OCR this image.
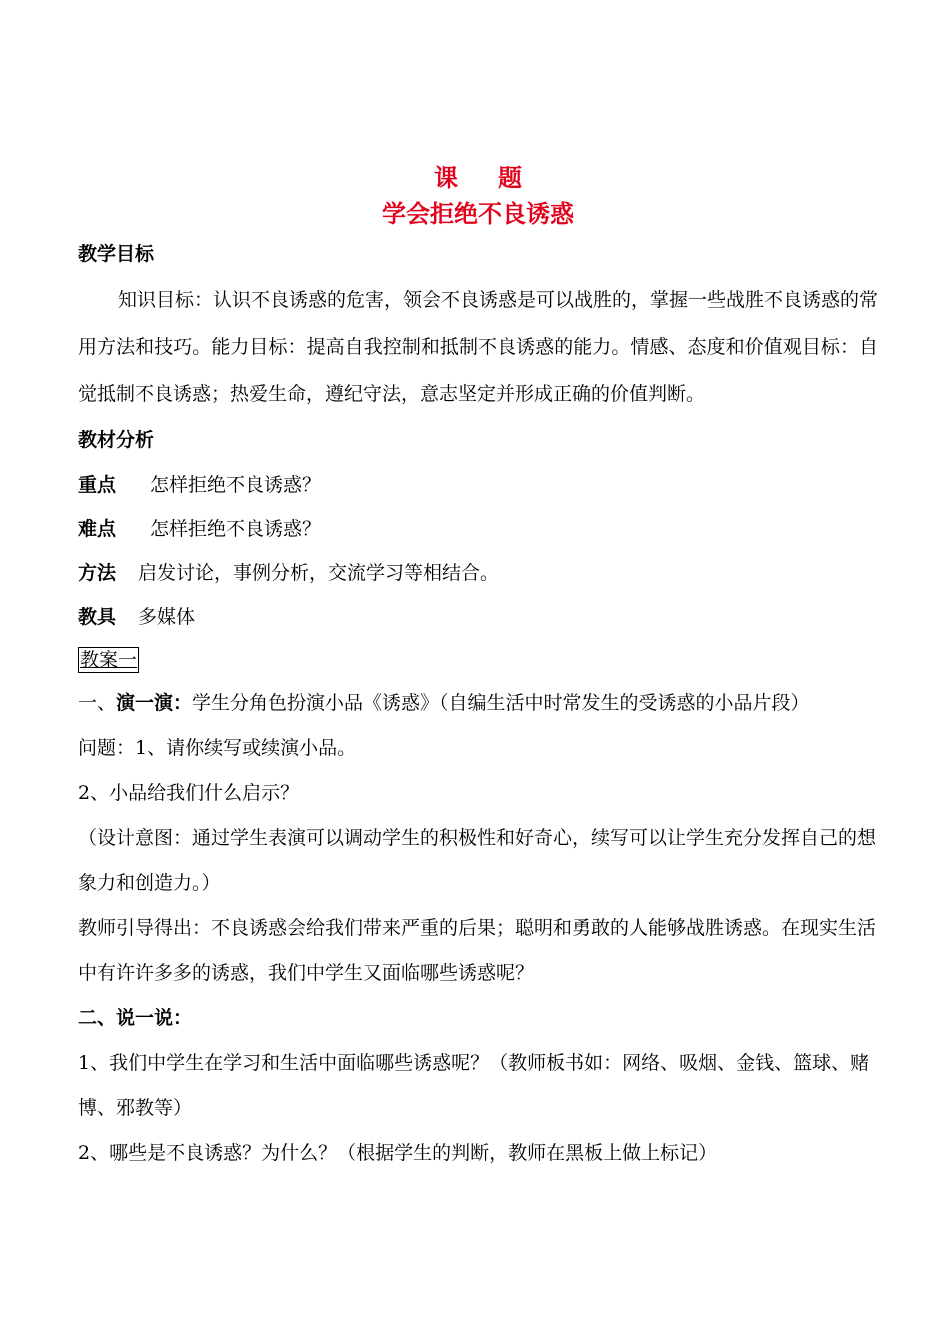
课题
学会拒绝不良诱惑

教学目标

知识目标：认识不良诱惑的危害，领会不良诱惑是可以战胜的，掌握一些战胜不良诱惑的常用方法和技巧。能力目标：提高自我控制和抵制不良诱惑的能力。情感、态度和价值观目标：自觉抵制不良诱惑；热爱生命，遵纪守法，意志坚定并形成正确的价值判断。

教材分析

重点 怎样拒绝不良诱惑？

难点 怎样拒绝不良诱惑？

方法 启发讨论，事例分析，交流学习等相结合。

教具 多媒体

教案一

一、演一演：学生分角色扮演小品《诱惑》（自编生活中时常发生的受诱惑的小品片段）

问题：1、请你续写或续演小品。

2、小品给我们什么启示？

（设计意图：通过学生表演可以调动学生的积极性和好奇心，续写可以让学生充分发挥自己的想象力和创造力。）

教师引导得出：不良诱惑会给我们带来严重的后果；聪明和勇敢的人能够战胜诱惑。在现实生活中有许许多多的诱惑，我们中学生又面临哪些诱惑呢？

二、说一说：

1、我们中学生在学习和生活中面临哪些诱惑呢？（教师板书如：网络、吸烟、金钱、篮球、赌博、邪教等）

2、哪些是不良诱惑？为什么？（根据学生的判断，教师在黑板上做上标记）
